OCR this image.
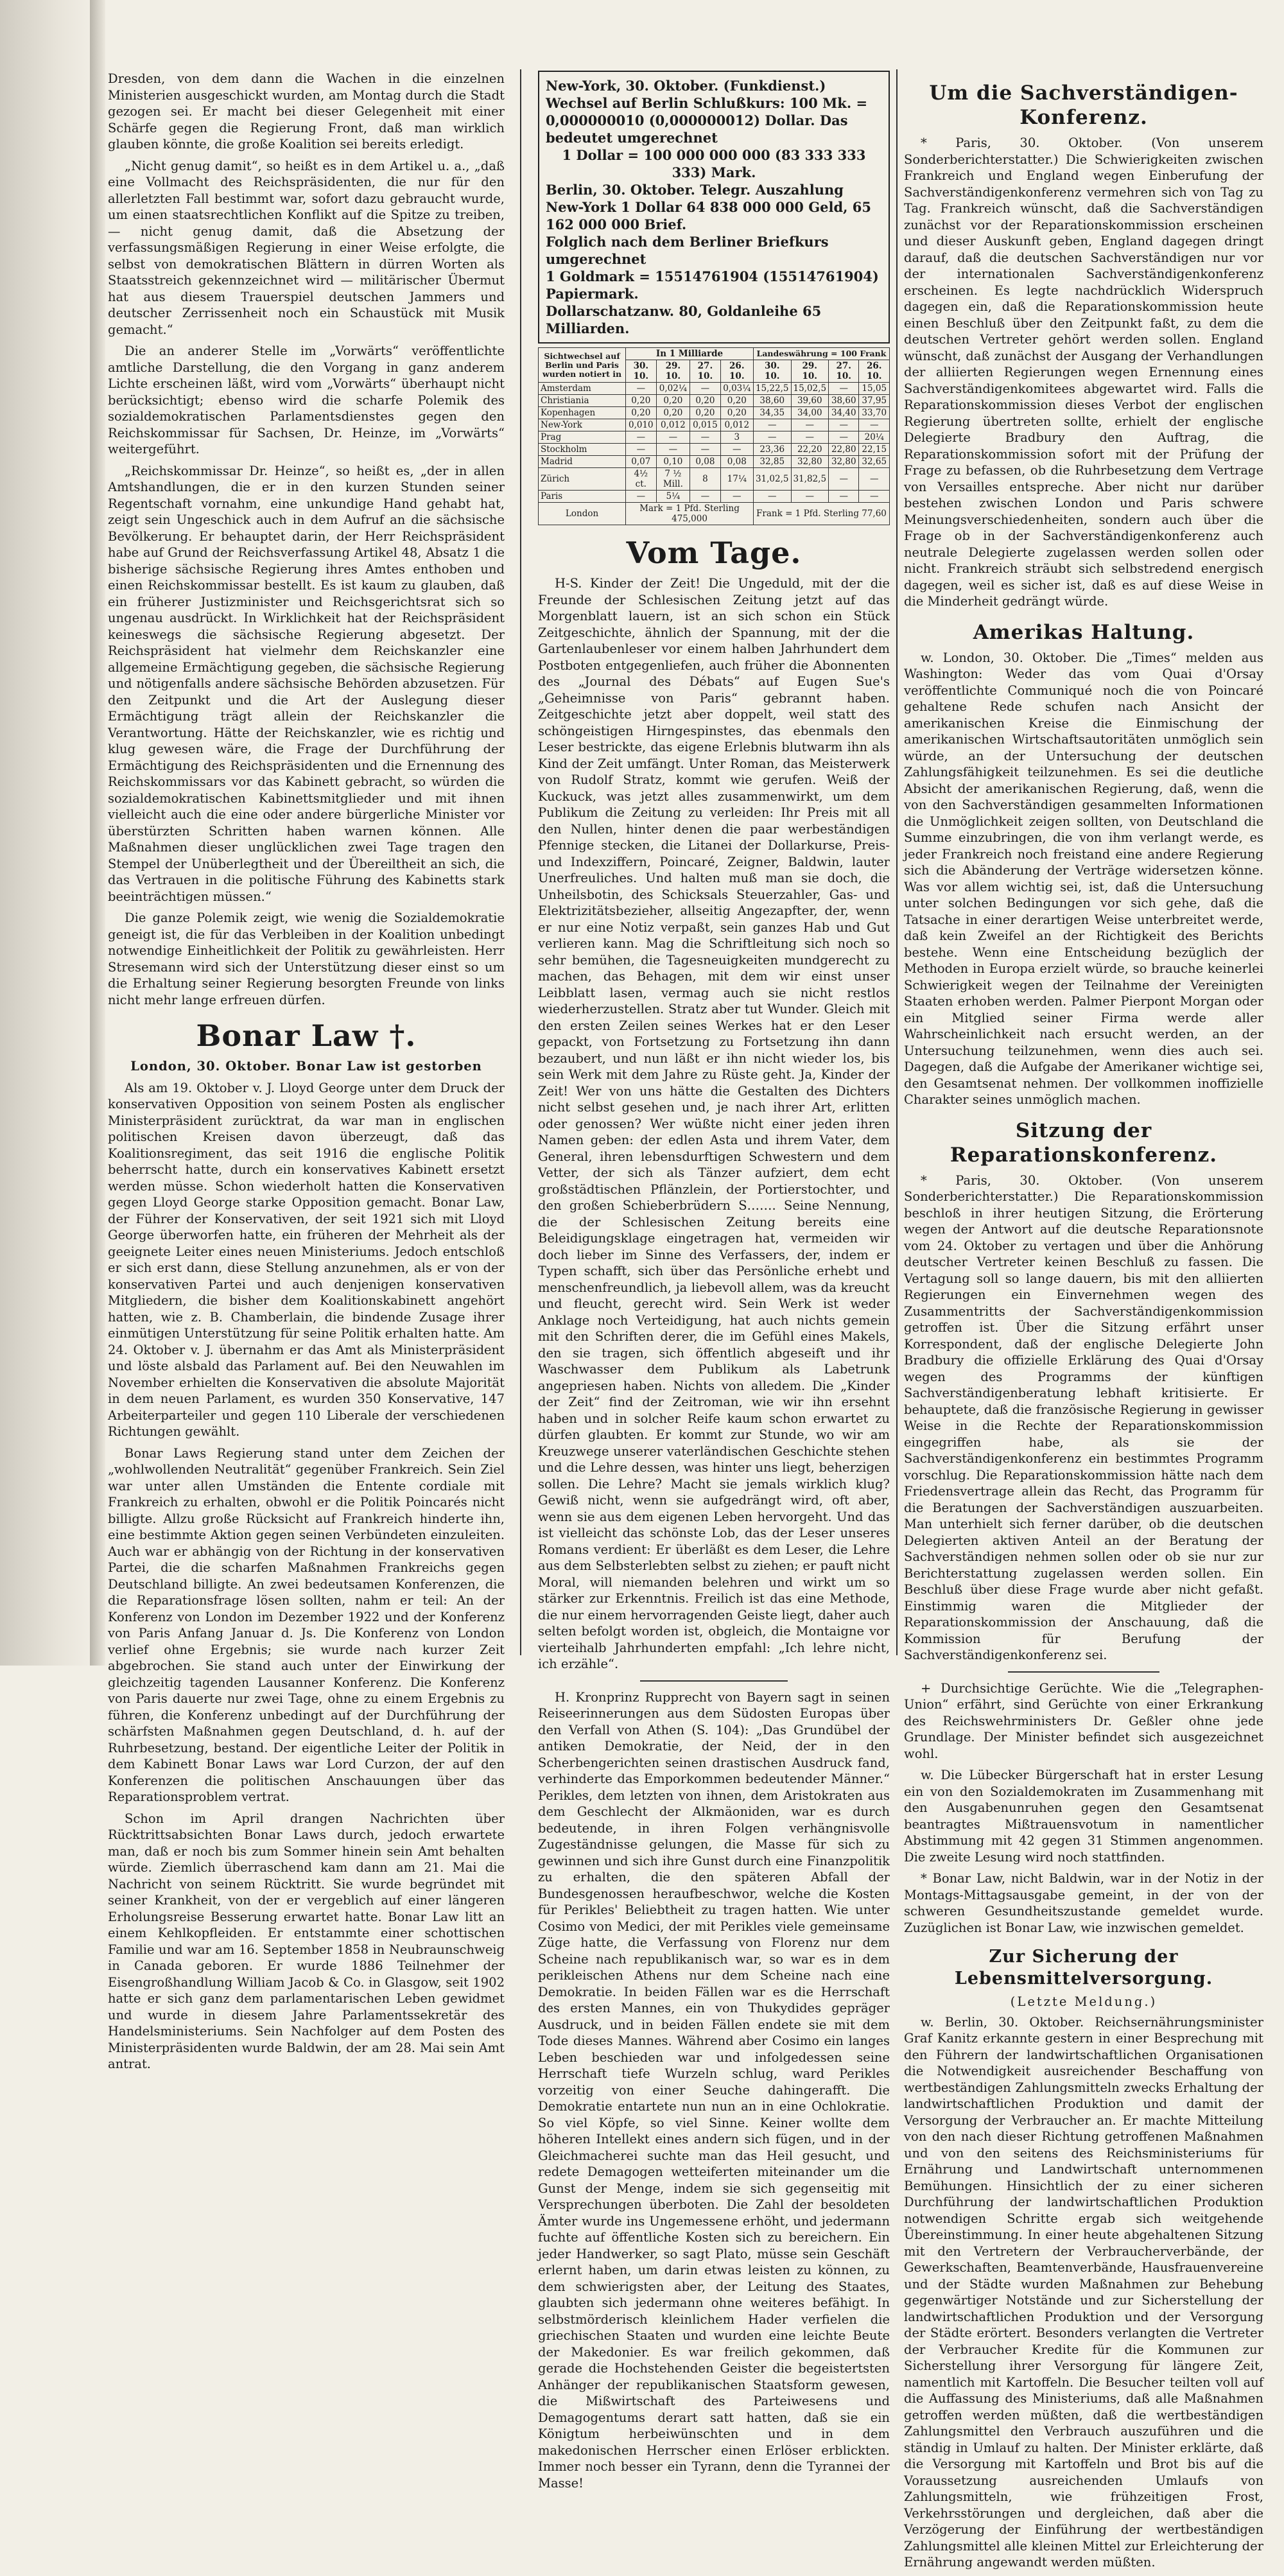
Dresden, von dem dann die Wachen in die einzelnen Ministerien ausgeschickt wurden, am Montag durch die Stadt gezogen sei. Er macht bei dieser Gelegenheit mit einer Schärfe gegen die Regierung Front, daß man wirklich glauben könnte, die große Koalition sei bereits erledigt.

„Nicht genug damit“, so heißt es in dem Artikel u. a., „daß eine Vollmacht des Reichspräsidenten, die nur für den allerletzten Fall bestimmt war, sofort dazu gebraucht wurde, um einen staatsrechtlichen Konflikt auf die Spitze zu treiben, — nicht genug damit, daß die Absetzung der verfassungsmäßigen Regierung in einer Weise erfolgte, die selbst von demokratischen Blättern in dürren Worten als Staatsstreich gekennzeichnet wird — militärischer Übermut hat aus diesem Trauerspiel deutschen Jammers und deutscher Zerrissenheit noch ein Schaustück mit Musik gemacht.“

Die an anderer Stelle im „Vorwärts“ veröffentlichte amtliche Darstellung, die den Vorgang in ganz anderem Lichte erscheinen läßt, wird vom „Vorwärts“ überhaupt nicht berücksichtigt; ebenso wird die scharfe Polemik des sozialdemokratischen Parlamentsdienstes gegen den Reichskommissar für Sachsen, Dr. Heinze, im „Vorwärts“ weitergeführt.

„Reichskommissar Dr. Heinze“, so heißt es, „der in allen Amtshandlungen, die er in den kurzen Stunden seiner Regentschaft vornahm, eine unkundige Hand gehabt hat, zeigt sein Ungeschick auch in dem Aufruf an die sächsische Bevölkerung. Er behauptet darin, der Herr Reichspräsident habe auf Grund der Reichsverfassung Artikel 48, Absatz 1 die bisherige sächsische Regierung ihres Amtes enthoben und einen Reichskommissar bestellt. Es ist kaum zu glauben, daß ein früherer Justizminister und Reichsgerichtsrat sich so ungenau ausdrückt. In Wirklichkeit hat der Reichspräsident keineswegs die sächsische Regierung abgesetzt. Der Reichspräsident hat vielmehr dem Reichskanzler eine allgemeine Ermächtigung gegeben, die sächsische Regierung und nötigenfalls andere sächsische Behörden abzusetzen. Für den Zeitpunkt und die Art der Auslegung dieser Ermächtigung trägt allein der Reichskanzler die Verantwortung. Hätte der Reichskanzler, wie es richtig und klug gewesen wäre, die Frage der Durchführung der Ermächtigung des Reichspräsidenten und die Ernennung des Reichskommissars vor das Kabinett gebracht, so würden die sozialdemokratischen Kabinettsmitglieder und mit ihnen vielleicht auch die eine oder andere bürgerliche Minister vor überstürzten Schritten haben warnen können. Alle Maßnahmen dieser unglücklichen zwei Tage tragen den Stempel der Unüberlegtheit und der Übereiltheit an sich, die das Vertrauen in die politische Führung des Kabinetts stark beeinträchtigen müssen.“

Die ganze Polemik zeigt, wie wenig die Sozialdemokratie geneigt ist, die für das Verbleiben in der Koalition unbedingt notwendige Einheitlichkeit der Politik zu gewährleisten. Herr Stresemann wird sich der Unterstützung dieser einst so um die Erhaltung seiner Regierung besorgten Freunde von links nicht mehr lange erfreuen dürfen.

Bonar Law †.
London, 30. Oktober. Bonar Law ist gestorben

Als am 19. Oktober v. J. Lloyd George unter dem Druck der konservativen Opposition von seinem Posten als englischer Ministerpräsident zurücktrat, da war man in englischen politischen Kreisen davon überzeugt, daß das Koalitionsregiment, das seit 1916 die englische Politik beherrscht hatte, durch ein konservatives Kabinett ersetzt werden müsse. Schon wiederholt hatten die Konservativen gegen Lloyd George starke Opposition gemacht. Bonar Law, der Führer der Konservativen, der seit 1921 sich mit Lloyd George überworfen hatte, ein früheren der Mehrheit als der geeignete Leiter eines neuen Ministeriums. Jedoch entschloß er sich erst dann, diese Stellung anzunehmen, als er von der konservativen Partei und auch denjenigen konservativen Mitgliedern, die bisher dem Koalitionskabinett angehört hatten, wie z. B. Chamberlain, die bindende Zusage ihrer einmütigen Unterstützung für seine Politik erhalten hatte. Am 24. Oktober v. J. übernahm er das Amt als Ministerpräsident und löste alsbald das Parlament auf. Bei den Neuwahlen im November erhielten die Konservativen die absolute Majorität in dem neuen Parlament, es wurden 350 Konservative, 147 Arbeiterparteiler und gegen 110 Liberale der verschiedenen Richtungen gewählt.

Bonar Laws Regierung stand unter dem Zeichen der „wohlwollenden Neutralität“ gegenüber Frankreich. Sein Ziel war unter allen Umständen die Entente cordiale mit Frankreich zu erhalten, obwohl er die Politik Poincarés nicht billigte. Allzu große Rücksicht auf Frankreich hinderte ihn, eine bestimmte Aktion gegen seinen Verbündeten einzuleiten. Auch war er abhängig von der Richtung in der konservativen Partei, die die scharfen Maßnahmen Frankreichs gegen Deutschland billigte. An zwei bedeutsamen Konferenzen, die die Reparationsfrage lösen sollten, nahm er teil: An der Konferenz von London im Dezember 1922 und der Konferenz von Paris Anfang Januar d. Js. Die Konferenz von London verlief ohne Ergebnis; sie wurde nach kurzer Zeit abgebrochen. Sie stand auch unter der Einwirkung der gleichzeitig tagenden Lausanner Konferenz. Die Konferenz von Paris dauerte nur zwei Tage, ohne zu einem Ergebnis zu führen, die Konferenz unbedingt auf der Durchführung der schärfsten Maßnahmen gegen Deutschland, d. h. auf der Ruhrbesetzung, bestand. Der eigentliche Leiter der Politik in dem Kabinett Bonar Laws war Lord Curzon, der auf den Konferenzen die politischen Anschauungen über das Reparationsproblem vertrat.

Schon im April drangen Nachrichten über Rücktrittsabsichten Bonar Laws durch, jedoch erwartete man, daß er noch bis zum Sommer hinein sein Amt behalten würde. Ziemlich überraschend kam dann am 21. Mai die Nachricht von seinem Rücktritt. Sie wurde begründet mit seiner Krankheit, von der er vergeblich auf einer längeren Erholungsreise Besserung erwartet hatte. Bonar Law litt an einem Kehlkopfleiden. Er entstammte einer schottischen Familie und war am 16. September 1858 in Neubraunschweig in Canada geboren. Er wurde 1886 Teilnehmer der Eisengroßhandlung William Jacob & Co. in Glasgow, seit 1902 hatte er sich ganz dem parlamentarischen Leben gewidmet und wurde in diesem Jahre Parlamentssekretär des Handelsministeriums. Sein Nachfolger auf dem Posten des Ministerpräsidenten wurde Baldwin, der am 28. Mai sein Amt antrat.

New-York, 30. Oktober. (Funkdienst.) Wechsel auf Berlin Schlußkurs: 100 Mk. = 0,000000010 (0,000000012) Dollar. Das bedeutet umgerechnet
1 Dollar = 100 000 000 000 (83 333 333 333) Mark.
Berlin, 30. Oktober. Telegr. Auszahlung New-York 1 Dollar 64 838 000 000 Geld, 65 162 000 000 Brief.
Folglich nach dem Berliner Briefkurs umgerechnet
1 Goldmark = 15514761904 (15514761904) Papiermark.
Dollarschatzanw. 80, Goldanleihe 65 Milliarden.
Sichtwechsel auf Berlin und Paris wurden notiert in	In 1 Milliarde				Landeswährung = 100 Frank			
	30. 10.	29. 10.	27. 10.	26. 10.	30. 10.	29. 10.	27. 10.	26. 10.
Amsterdam	—	0,02¼	—	0,03¼	15,22,5	15,02,5	—	15,05
Christiania	0,20	0,20	0,20	0,20	38,60	39,60	38,60	37,95
Kopenhagen	0,20	0,20	0,20	0,20	34,35	34,00	34,40	33,70
New-York	0,010	0,012	0,015	0,012	—	—	—	—
Prag	—	—	—	3	—	—	—	20¼
Stockholm	—	—	—	—	23,36	22,20	22,80	22,15
Madrid	0,07	0,10	0,08	0,08	32,85	32,80	32,80	32,65
Zürich	4½ ct.	7 ½ Mill.	8	17¼	31,02,5	31,82,5	—	—
Paris	—	5¼	—	—	—	—	—	—
London	Mark = 1 Pfd. Sterling 475,000				Frank = 1 Pfd. Sterling 77,60			
Vom Tage.

H-S. Kinder der Zeit! Die Ungeduld, mit der die Freunde der Schlesischen Zeitung jetzt auf das Morgenblatt lauern, ist an sich schon ein Stück Zeitgeschichte, ähnlich der Spannung, mit der die Gartenlaubenleser vor einem halben Jahrhundert dem Postboten entgegenliefen, auch früher die Abonnenten des „Journal des Débats“ auf Eugen Sue's „Geheimnisse von Paris“ gebrannt haben. Zeitgeschichte jetzt aber doppelt, weil statt des schöngeistigen Hirngespinstes, das ebenmals den Leser bestrickte, das eigene Erlebnis blutwarm ihn als Kind der Zeit umfängt. Unter Roman, das Meisterwerk von Rudolf Stratz, kommt wie gerufen. Weiß der Kuckuck, was jetzt alles zusammenwirkt, um dem Publikum die Zeitung zu verleiden: Ihr Preis mit all den Nullen, hinter denen die paar werbeständigen Pfennige stecken, die Litanei der Dollarkurse, Preis- und Indexziffern, Poincaré, Zeigner, Baldwin, lauter Unerfreuliches. Und halten muß man sie doch, die Unheilsbotin, des Schicksals Steuerzahler, Gas- und Elektrizitätsbezieher, allseitig Angezapfter, der, wenn er nur eine Notiz verpaßt, sein ganzes Hab und Gut verlieren kann. Mag die Schriftleitung sich noch so sehr bemühen, die Tagesneuigkeiten mundgerecht zu machen, das Behagen, mit dem wir einst unser Leibblatt lasen, vermag auch sie nicht restlos wiederherzustellen. Stratz aber tut Wunder. Gleich mit den ersten Zeilen seines Werkes hat er den Leser gepackt, von Fortsetzung zu Fortsetzung ihn dann bezaubert, und nun läßt er ihn nicht wieder los, bis sein Werk mit dem Jahre zu Rüste geht. Ja, Kinder der Zeit! Wer von uns hätte die Gestalten des Dichters nicht selbst gesehen und, je nach ihrer Art, erlitten oder genossen? Wer wüßte nicht einer jeden ihren Namen geben: der edlen Asta und ihrem Vater, dem General, ihren lebensdurftigen Schwestern und dem Vetter, der sich als Tänzer aufziert, dem echt großstädtischen Pflänzlein, der Portierstochter, und den großen Schieberbrüdern S……. Seine Nennung, die der Schlesischen Zeitung bereits eine Beleidigungsklage eingetragen hat, vermeiden wir doch lieber im Sinne des Verfassers, der, indem er Typen schafft, sich über das Persönliche erhebt und menschenfreundlich, ja liebevoll allem, was da kreucht und fleucht, gerecht wird. Sein Werk ist weder Anklage noch Verteidigung, hat auch nichts gemein mit den Schriften derer, die im Gefühl eines Makels, den sie tragen, sich öffentlich abgeseift und ihr Waschwasser dem Publikum als Labetrunk angepriesen haben. Nichts von alledem. Die „Kinder der Zeit“ find der Zeitroman, wie wir ihn ersehnt haben und in solcher Reife kaum schon erwartet zu dürfen glaubten. Er kommt zur Stunde, wo wir am Kreuzwege unserer vaterländischen Geschichte stehen und die Lehre dessen, was hinter uns liegt, beherzigen sollen. Die Lehre? Macht sie jemals wirklich klug? Gewiß nicht, wenn sie aufgedrängt wird, oft aber, wenn sie aus dem eigenen Leben hervorgeht. Und das ist vielleicht das schönste Lob, das der Leser unseres Romans verdient: Er überläßt es dem Leser, die Lehre aus dem Selbsterlebten selbst zu ziehen; er pauft nicht Moral, will niemanden belehren und wirkt um so stärker zur Erkenntnis. Freilich ist das eine Methode, die nur einem hervorragenden Geiste liegt, daher auch selten befolgt worden ist, obgleich, die Montaigne vor vierteihalb Jahrhunderten empfahl: „Ich lehre nicht, ich erzähle“.

H. Kronprinz Rupprecht von Bayern sagt in seinen Reiseerinnerungen aus dem Südosten Europas über den Verfall von Athen (S. 104): „Das Grundübel der antiken Demokratie, der Neid, der in den Scherbengerichten seinen drastischen Ausdruck fand, verhinderte das Emporkommen bedeutender Männer.“ Perikles, dem letzten von ihnen, dem Aristokraten aus dem Geschlecht der Alkmäoniden, war es durch bedeutende, in ihren Folgen verhängnisvolle Zugeständnisse gelungen, die Masse für sich zu gewinnen und sich ihre Gunst durch eine Finanzpolitik zu erhalten, die den späteren Abfall der Bundesgenossen heraufbeschwor, welche die Kosten für Perikles' Beliebtheit zu tragen hatten. Wie unter Cosimo von Medici, der mit Perikles viele gemeinsame Züge hatte, die Verfassung von Florenz nur dem Scheine nach republikanisch war, so war es in dem perikleischen Athens nur dem Scheine nach eine Demokratie. In beiden Fällen war es die Herrschaft des ersten Mannes, ein von Thukydides gepräger Ausdruck, und in beiden Fällen endete sie mit dem Tode dieses Mannes. Während aber Cosimo ein langes Leben beschieden war und infolgedessen seine Herrschaft tiefe Wurzeln schlug, ward Perikles vorzeitig von einer Seuche dahingerafft. Die Demokratie entartete nun nun an in eine Ochlokratie. So viel Köpfe, so viel Sinne. Keiner wollte dem höheren Intellekt eines andern sich fügen, und in der Gleichmacherei suchte man das Heil gesucht, und redete Demagogen wetteiferten miteinander um die Gunst der Menge, indem sie sich gegenseitig mit Versprechungen überboten. Die Zahl der besoldeten Ämter wurde ins Ungemessene erhöht, und jedermann fuchte auf öffentliche Kosten sich zu bereichern. Ein jeder Handwerker, so sagt Plato, müsse sein Geschäft erlernt haben, um darin etwas leisten zu können, zu dem schwierigsten aber, der Leitung des Staates, glaubten sich jedermann ohne weiteres befähigt. In selbstmörderisch kleinlichem Hader verfielen die griechischen Staaten und wurden eine leichte Beute der Makedonier. Es war freilich gekommen, daß gerade die Hochstehenden Geister die begeistertsten Anhänger der republikanischen Staatsform gewesen, die Mißwirtschaft des Parteiwesens und Demagogentums derart satt hatten, daß sie ein Königtum herbeiwünschten und in dem makedonischen Herrscher einen Erlöser erblickten. Immer noch besser ein Tyrann, denn die Tyrannei der Masse!

Um die Sachverständigen-Konferenz.

* Paris, 30. Oktober. (Von unserem Sonderberichterstatter.) Die Schwierigkeiten zwischen Frankreich und England wegen Einberufung der Sachverständigenkonferenz vermehren sich von Tag zu Tag. Frankreich wünscht, daß die Sachverständigen zunächst vor der Reparationskommission erscheinen und dieser Auskunft geben, England dagegen dringt darauf, daß die deutschen Sachverständigen nur vor der internationalen Sachverständigenkonferenz erscheinen. Es legte nachdrücklich Widerspruch dagegen ein, daß die Reparationskommission heute einen Beschluß über den Zeitpunkt faßt, zu dem die deutschen Vertreter gehört werden sollen. England wünscht, daß zunächst der Ausgang der Verhandlungen der alliierten Regierungen wegen Ernennung eines Sachverständigenkomitees abgewartet wird. Falls die Reparationskommission dieses Verbot der englischen Regierung übertreten sollte, erhielt der englische Delegierte Bradbury den Auftrag, die Reparationskommission sofort mit der Prüfung der Frage zu befassen, ob die Ruhrbesetzung dem Vertrage von Versailles entspreche. Aber nicht nur darüber bestehen zwischen London und Paris schwere Meinungsverschiedenheiten, sondern auch über die Frage ob in der Sachverständigenkonferenz auch neutrale Delegierte zugelassen werden sollen oder nicht. Frankreich sträubt sich selbstredend energisch dagegen, weil es sicher ist, daß es auf diese Weise in die Minderheit gedrängt würde.

Amerikas Haltung.

w. London, 30. Oktober. Die „Times“ melden aus Washington: Weder das vom Quai d'Orsay veröffentlichte Communiqué noch die von Poincaré gehaltene Rede schufen nach Ansicht der amerikanischen Kreise die Einmischung der amerikanischen Wirtschaftsautoritäten unmöglich sein würde, an der Untersuchung der deutschen Zahlungsfähigkeit teilzunehmen. Es sei die deutliche Absicht der amerikanischen Regierung, daß, wenn die von den Sachverständigen gesammelten Informationen die Unmöglichkeit zeigen sollten, von Deutschland die Summe einzubringen, die von ihm verlangt werde, es jeder Frankreich noch freistand eine andere Regierung sich die Abänderung der Verträge widersetzen könne. Was vor allem wichtig sei, ist, daß die Untersuchung unter solchen Bedingungen vor sich gehe, daß die Tatsache in einer derartigen Weise unterbreitet werde, daß kein Zweifel an der Richtigkeit des Berichts bestehe. Wenn eine Entscheidung bezüglich der Methoden in Europa erzielt würde, so brauche keinerlei Schwierigkeit wegen der Teilnahme der Vereinigten Staaten erhoben werden. Palmer Pierpont Morgan oder ein Mitglied seiner Firma werde aller Wahrscheinlichkeit nach ersucht werden, an der Untersuchung teilzunehmen, wenn dies auch sei. Dagegen, daß die Aufgabe der Amerikaner wichtige sei, den Gesamtsenat nehmen. Der vollkommen inoffizielle Charakter seines unmöglich machen.

Sitzung der Reparationskonferenz.

* Paris, 30. Oktober. (Von unserem Sonderberichterstatter.) Die Reparationskommission beschloß in ihrer heutigen Sitzung, die Erörterung wegen der Antwort auf die deutsche Reparationsnote vom 24. Oktober zu vertagen und über die Anhörung deutscher Vertreter keinen Beschluß zu fassen. Die Vertagung soll so lange dauern, bis mit den alliierten Regierungen ein Einvernehmen wegen des Zusammentritts der Sachverständigenkommission getroffen ist. Über die Sitzung erfährt unser Korrespondent, daß der englische Delegierte John Bradbury die offizielle Erklärung des Quai d'Orsay wegen des Programms der künftigen Sachverständigenberatung lebhaft kritisierte. Er behauptete, daß die französische Regierung in gewisser Weise in die Rechte der Reparationskommission eingegriffen habe, als sie der Sachverständigenkonferenz ein bestimmtes Programm vorschlug. Die Reparationskommission hätte nach dem Friedensvertrage allein das Recht, das Programm für die Beratungen der Sachverständigen auszuarbeiten. Man unterhielt sich ferner darüber, ob die deutschen Delegierten aktiven Anteil an der Beratung der Sachverständigen nehmen sollen oder ob sie nur zur Berichterstattung zugelassen werden sollen. Ein Beschluß über diese Frage wurde aber nicht gefaßt. Einstimmig waren die Mitglieder der Reparationskommission der Anschauung, daß die Kommission für Berufung der Sachverständigenkonferenz sei.

+ Durchsichtige Gerüchte. Wie die „Telegraphen-Union“ erfährt, sind Gerüchte von einer Erkrankung des Reichswehrministers Dr. Geßler ohne jede Grundlage. Der Minister befindet sich ausgezeichnet wohl.

w. Die Lübecker Bürgerschaft hat in erster Lesung ein von den Sozialdemokraten im Zusammenhang mit den Ausgabenunruhen gegen den Gesamtsenat beantragtes Mißtrauensvotum in namentlicher Abstimmung mit 42 gegen 31 Stimmen angenommen. Die zweite Lesung wird noch stattfinden.

* Bonar Law, nicht Baldwin, war in der Notiz in der Montags-Mittagsausgabe gemeint, in der von der schweren Gesundheitszustande gemeldet wurde. Zuzüglichen ist Bonar Law, wie inzwischen gemeldet.

Zur Sicherung der Lebensmittelversorgung.
(Letzte Meldung.)

w. Berlin, 30. Oktober. Reichsernährungsminister Graf Kanitz erkannte gestern in einer Besprechung mit den Führern der landwirtschaftlichen Organisationen die Notwendigkeit ausreichender Beschaffung von wertbeständigen Zahlungsmitteln zwecks Erhaltung der landwirtschaftlichen Produktion und damit der Versorgung der Verbraucher an. Er machte Mitteilung von den nach dieser Richtung getroffenen Maßnahmen und von den seitens des Reichsministeriums für Ernährung und Landwirtschaft unternommenen Bemühungen. Hinsichtlich der zu einer sicheren Durchführung der landwirtschaftlichen Produktion notwendigen Schritte ergab sich weitgehende Übereinstimmung. In einer heute abgehaltenen Sitzung mit den Vertretern der Verbraucherverbände, der Gewerkschaften, Beamtenverbände, Hausfrauenvereine und der Städte wurden Maßnahmen zur Behebung gegenwärtiger Notstände und zur Sicherstellung der landwirtschaftlichen Produktion und der Versorgung der Städte erörtert. Besonders verlangten die Vertreter der Verbraucher Kredite für die Kommunen zur Sicherstellung ihrer Versorgung für längere Zeit, namentlich mit Kartoffeln. Die Besucher teilten voll auf die Auffassung des Ministeriums, daß alle Maßnahmen getroffen werden müßten, daß die wertbeständigen Zahlungsmittel den Verbrauch auszuführen und die ständig in Umlauf zu halten. Der Minister erklärte, daß die Versorgung mit Kartoffeln und Brot bis auf die Voraussetzung ausreichenden Umlaufs von Zahlungsmitteln, wie frühzeitigen Frost, Verkehrsstörungen und dergleichen, daß aber die Verzögerung der Einführung der wertbeständigen Zahlungsmittel alle kleinen Mittel zur Erleichterung der Ernährung angewandt werden müßten.
